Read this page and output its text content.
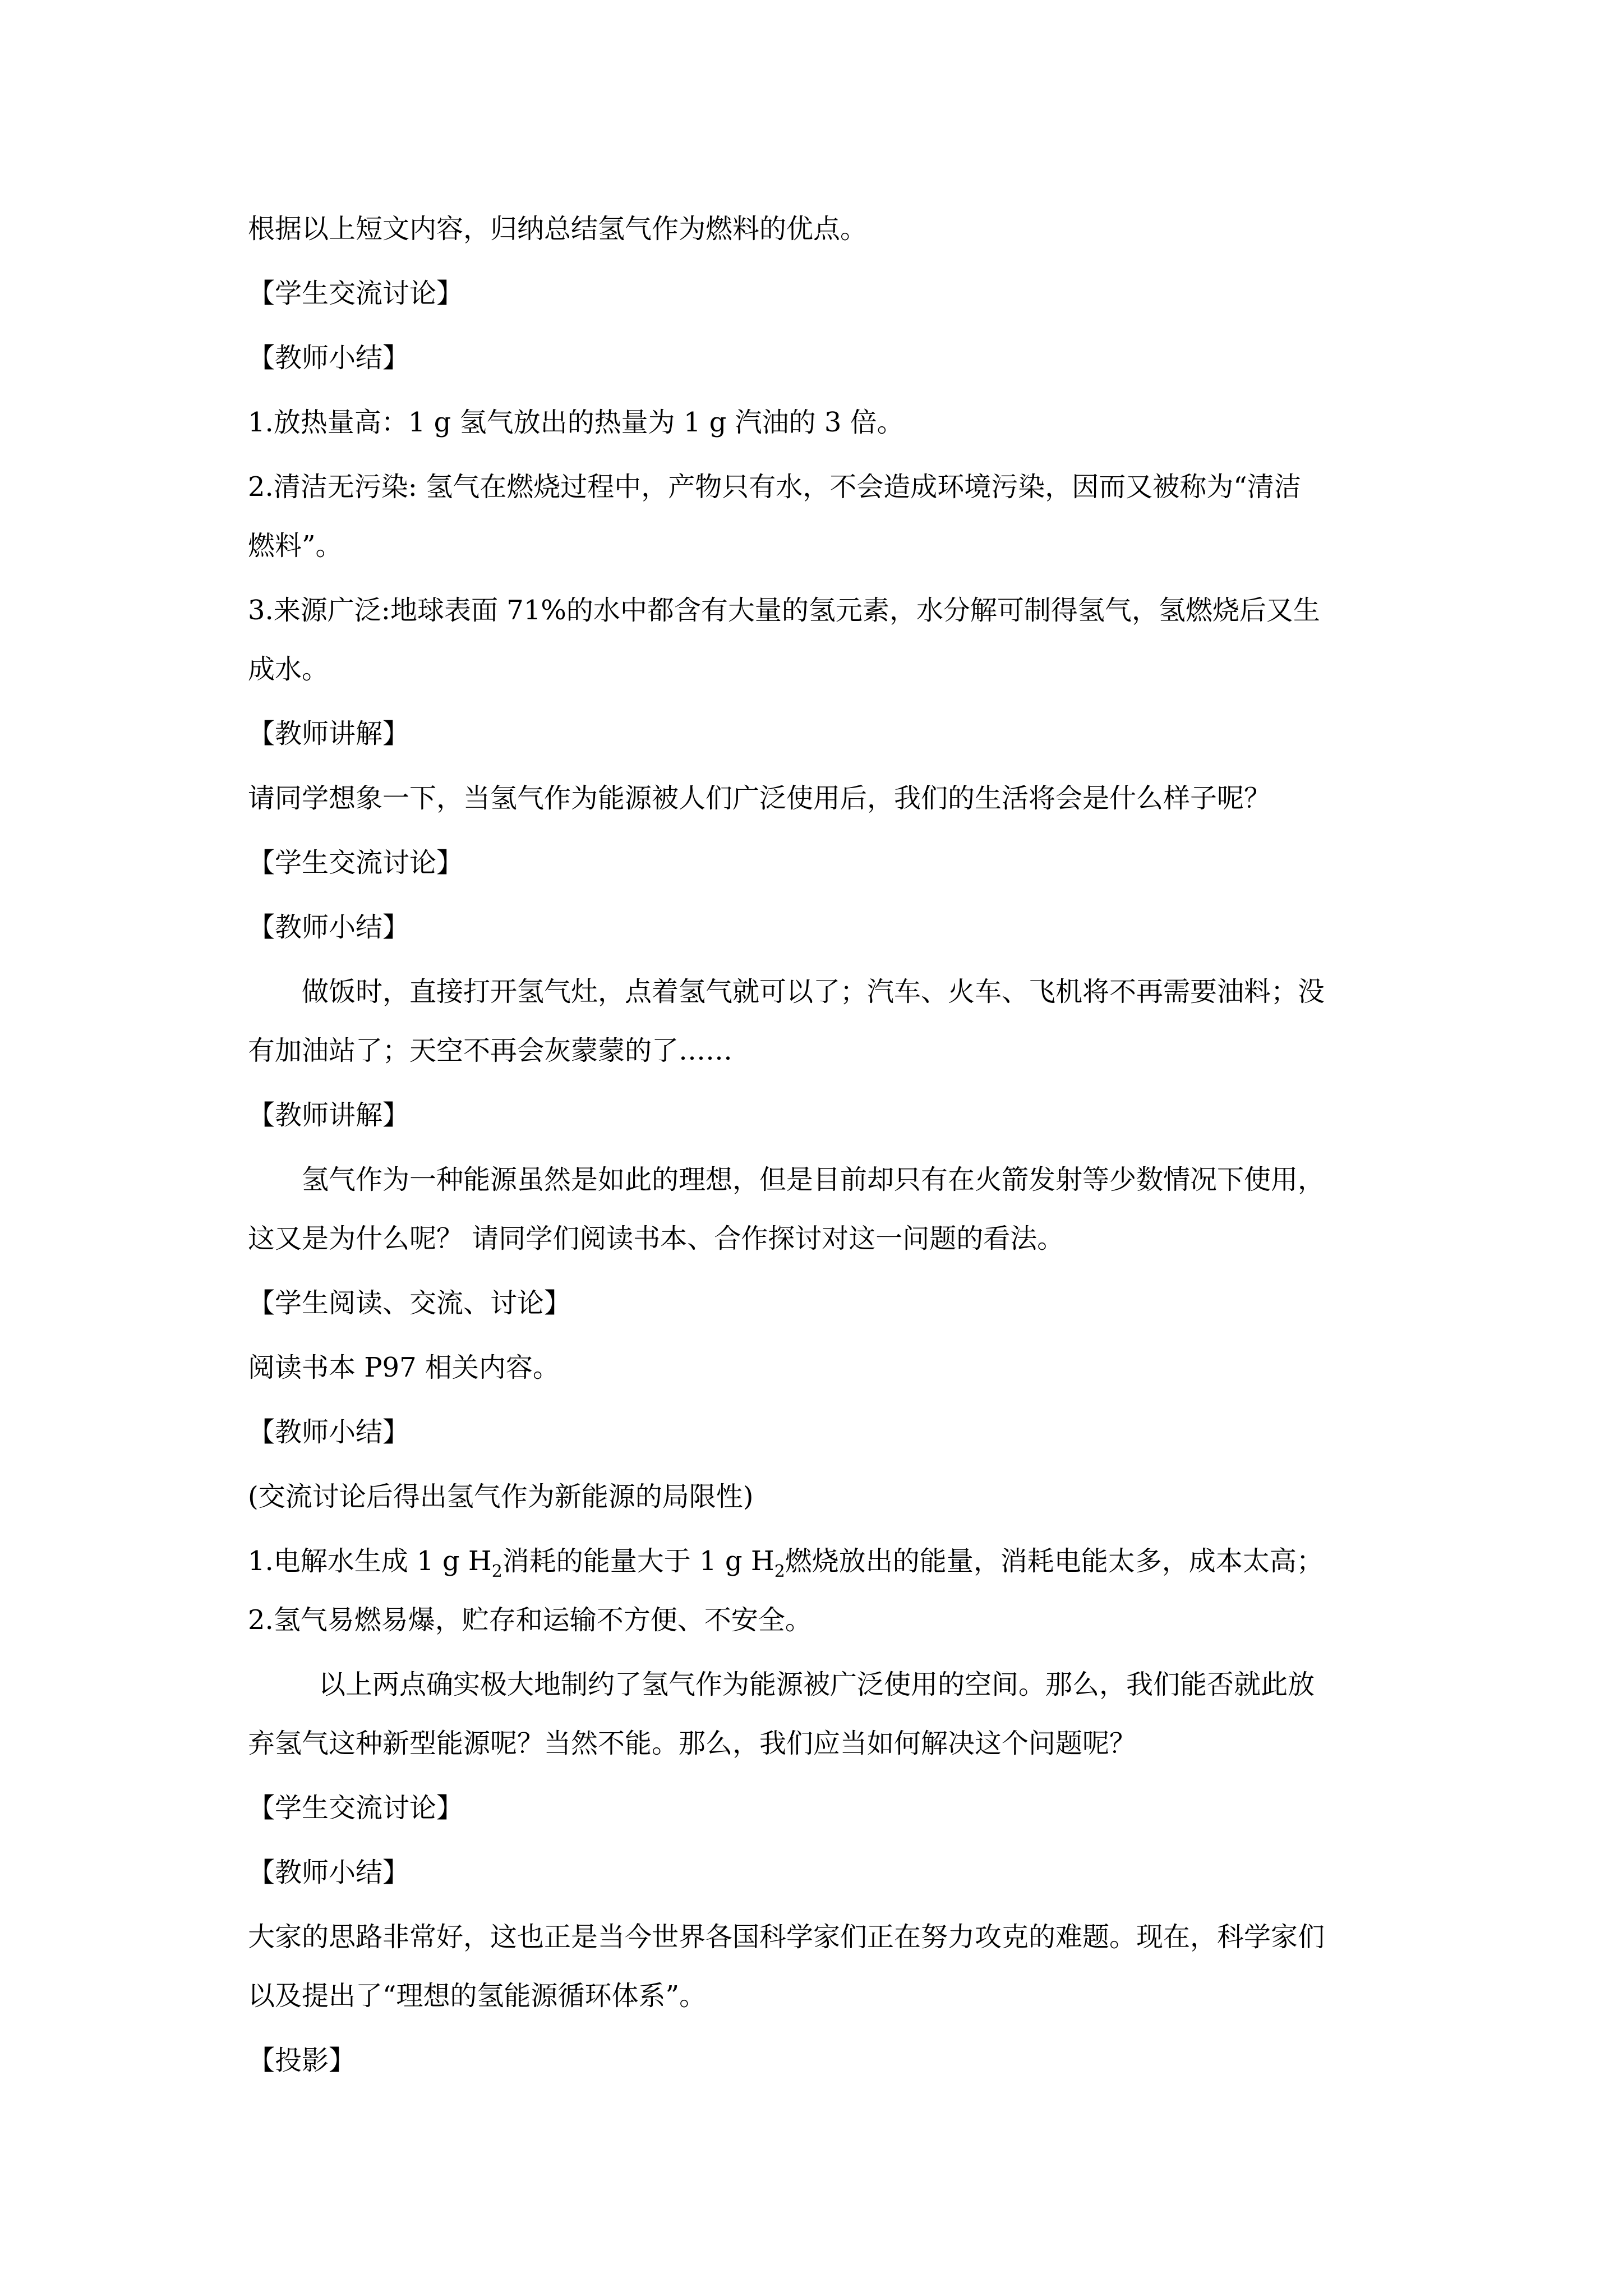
根据以上短文内容，归纳总结氢气作为燃料的优点。

【学生交流讨论】

【教师小结】

1.放热量高：1 g 氢气放出的热量为 1 g 汽油的 3 倍。

2.清洁无污染: 氢气在燃烧过程中，产物只有水，不会造成环境污染，因而又被称为“清洁

燃料”。

3.来源广泛:地球表面 71%的水中都含有大量的氢元素，水分解可制得氢气，氢燃烧后又生

成水。

【教师讲解】

请同学想象一下，当氢气作为能源被人们广泛使用后，我们的生活将会是什么样子呢？

【学生交流讨论】

【教师小结】

做饭时，直接打开氢气灶，点着氢气就可以了；汽车、火车、飞机将不再需要油料；没

有加油站了；天空不再会灰蒙蒙的了……

【教师讲解】

氢气作为一种能源虽然是如此的理想，但是目前却只有在火箭发射等少数情况下使用，

这又是为什么呢？ 请同学们阅读书本、合作探讨对这一问题的看法。

【学生阅读、交流、讨论】

阅读书本 P97 相关内容。

【教师小结】

(交流讨论后得出氢气作为新能源的局限性)

1.电解水生成 1 g $H_2$消耗的能量大于 1 g $H_2$燃烧放出的能量，消耗电能太多，成本太高；

2.氢气易燃易爆，贮存和运输不方便、不安全。

以上两点确实极大地制约了氢气作为能源被广泛使用的空间。那么，我们能否就此放

弃氢气这种新型能源呢？当然不能。那么，我们应当如何解决这个问题呢？

【学生交流讨论】

【教师小结】

大家的思路非常好，这也正是当今世界各国科学家们正在努力攻克的难题。现在，科学家们

以及提出了“理想的氢能源循环体系”。

【投影】
